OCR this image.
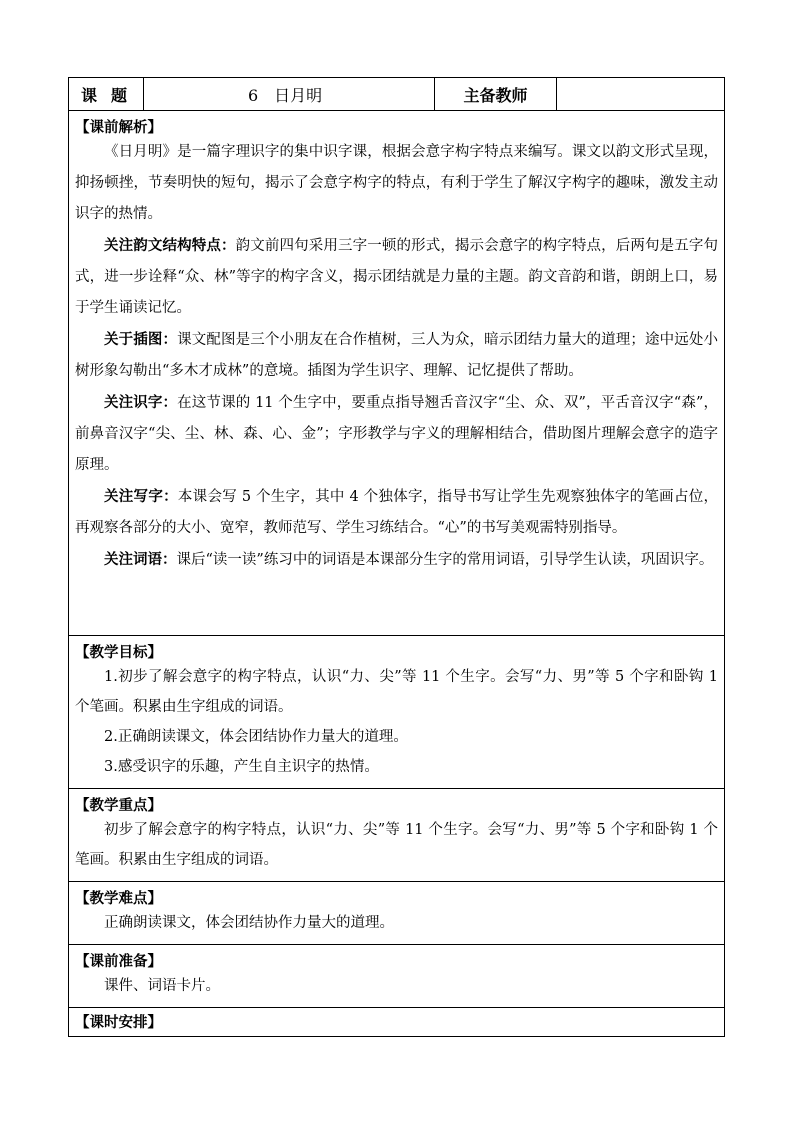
课题	6　日月明	主备教师	

【课前解析】

《日月明》是一篇字理识字的集中识字课，根据会意字构字特点来编写。课文以韵文形式呈现，抑扬顿挫，节奏明快的短句，揭示了会意字构字的特点，有利于学生了解汉字构字的趣味，激发主动识字的热情。

关注韵文结构特点：韵文前四句采用三字一顿的形式，揭示会意字的构字特点，后两句是五字句式，进一步诠释“众、林”等字的构字含义，揭示团结就是力量的主题。韵文音韵和谐，朗朗上口，易于学生诵读记忆。

关于插图：课文配图是三个小朋友在合作植树，三人为众，暗示团结力量大的道理；途中远处小树形象勾勒出“多木才成林”的意境。插图为学生识字、理解、记忆提供了帮助。

关注识字：在这节课的 11 个生字中，要重点指导翘舌音汉字“尘、众、双”，平舌音汉字“森”，前鼻音汉字“尖、尘、林、森、心、金”；字形教学与字义的理解相结合，借助图片理解会意字的造字原理。

关注写字：本课会写 5 个生字，其中 4 个独体字，指导书写让学生先观察独体字的笔画占位，再观察各部分的大小、宽窄，教师范写、学生习练结合。“心”的书写美观需特别指导。

关注词语：课后“读一读”练习中的词语是本课部分生字的常用词语，引导学生认读，巩固识字。

【教学目标】

1.初步了解会意字的构字特点，认识“力、尖”等 11 个生字。会写“力、男”等 5 个字和卧钩 1 个笔画。积累由生字组成的词语。

2.正确朗读课文，体会团结协作力量大的道理。

3.感受识字的乐趣，产生自主识字的热情。

【教学重点】

初步了解会意字的构字特点，认识“力、尖”等 11 个生字。会写“力、男”等 5 个字和卧钩 1 个笔画。积累由生字组成的词语。

【教学难点】

正确朗读课文，体会团结协作力量大的道理。

【课前准备】

课件、词语卡片。

【课时安排】
